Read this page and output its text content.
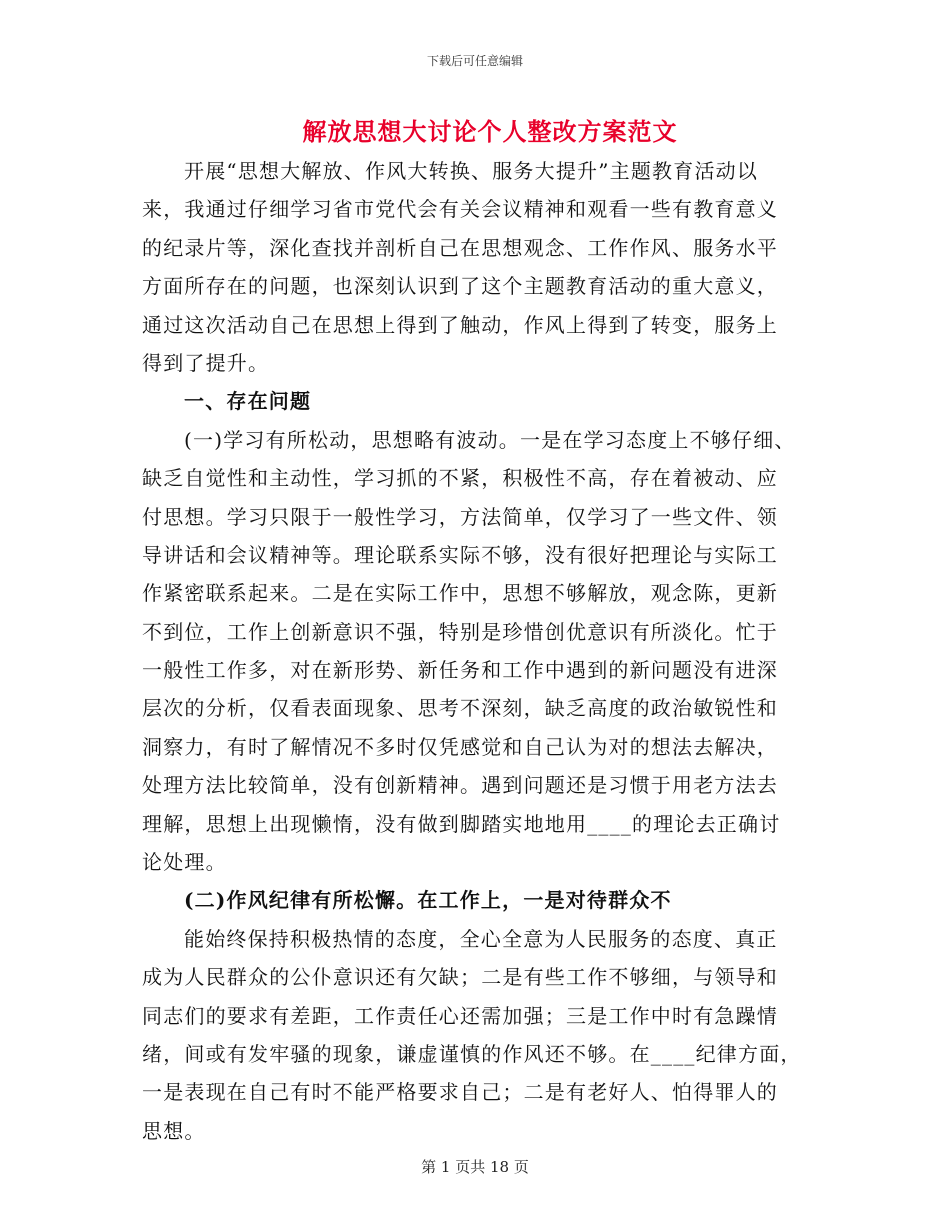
下载后可任意编辑
解放思想大讨论个人整改方案范文
开展“思想大解放、作风大转换、服务大提升”主题教育活动以
来，我通过仔细学习省市党代会有关会议精神和观看一些有教育意义
的纪录片等，深化查找并剖析自己在思想观念、工作作风、服务水平
方面所存在的问题，也深刻认识到了这个主题教育活动的重大意义，
通过这次活动自己在思想上得到了触动，作风上得到了转变，服务上
得到了提升。
一、存在问题
(一)学习有所松动，思想略有波动。一是在学习态度上不够仔细、
缺乏自觉性和主动性，学习抓的不紧，积极性不高，存在着被动、应
付思想。学习只限于一般性学习，方法简单，仅学习了一些文件、领
导讲话和会议精神等。理论联系实际不够，没有很好把理论与实际工
作紧密联系起来。二是在实际工作中，思想不够解放，观念陈，更新
不到位，工作上创新意识不强，特别是珍惜创优意识有所淡化。忙于
一般性工作多，对在新形势、新任务和工作中遇到的新问题没有进深
层次的分析，仅看表面现象、思考不深刻，缺乏高度的政治敏锐性和
洞察力，有时了解情况不多时仅凭感觉和自己认为对的想法去解决，
处理方法比较简单，没有创新精神。遇到问题还是习惯于用老方法去
理解，思想上出现懒惰，没有做到脚踏实地地用____的理论去正确讨
论处理。
(二)作风纪律有所松懈。在工作上，一是对待群众不
能始终保持积极热情的态度，全心全意为人民服务的态度、真正
成为人民群众的公仆意识还有欠缺；二是有些工作不够细，与领导和
同志们的要求有差距，工作责任心还需加强；三是工作中时有急躁情
绪，间或有发牢骚的现象，谦虚谨慎的作风还不够。在____纪律方面，
一是表现在自己有时不能严格要求自己；二是有老好人、怕得罪人的
思想。
第 1 页共 18 页
